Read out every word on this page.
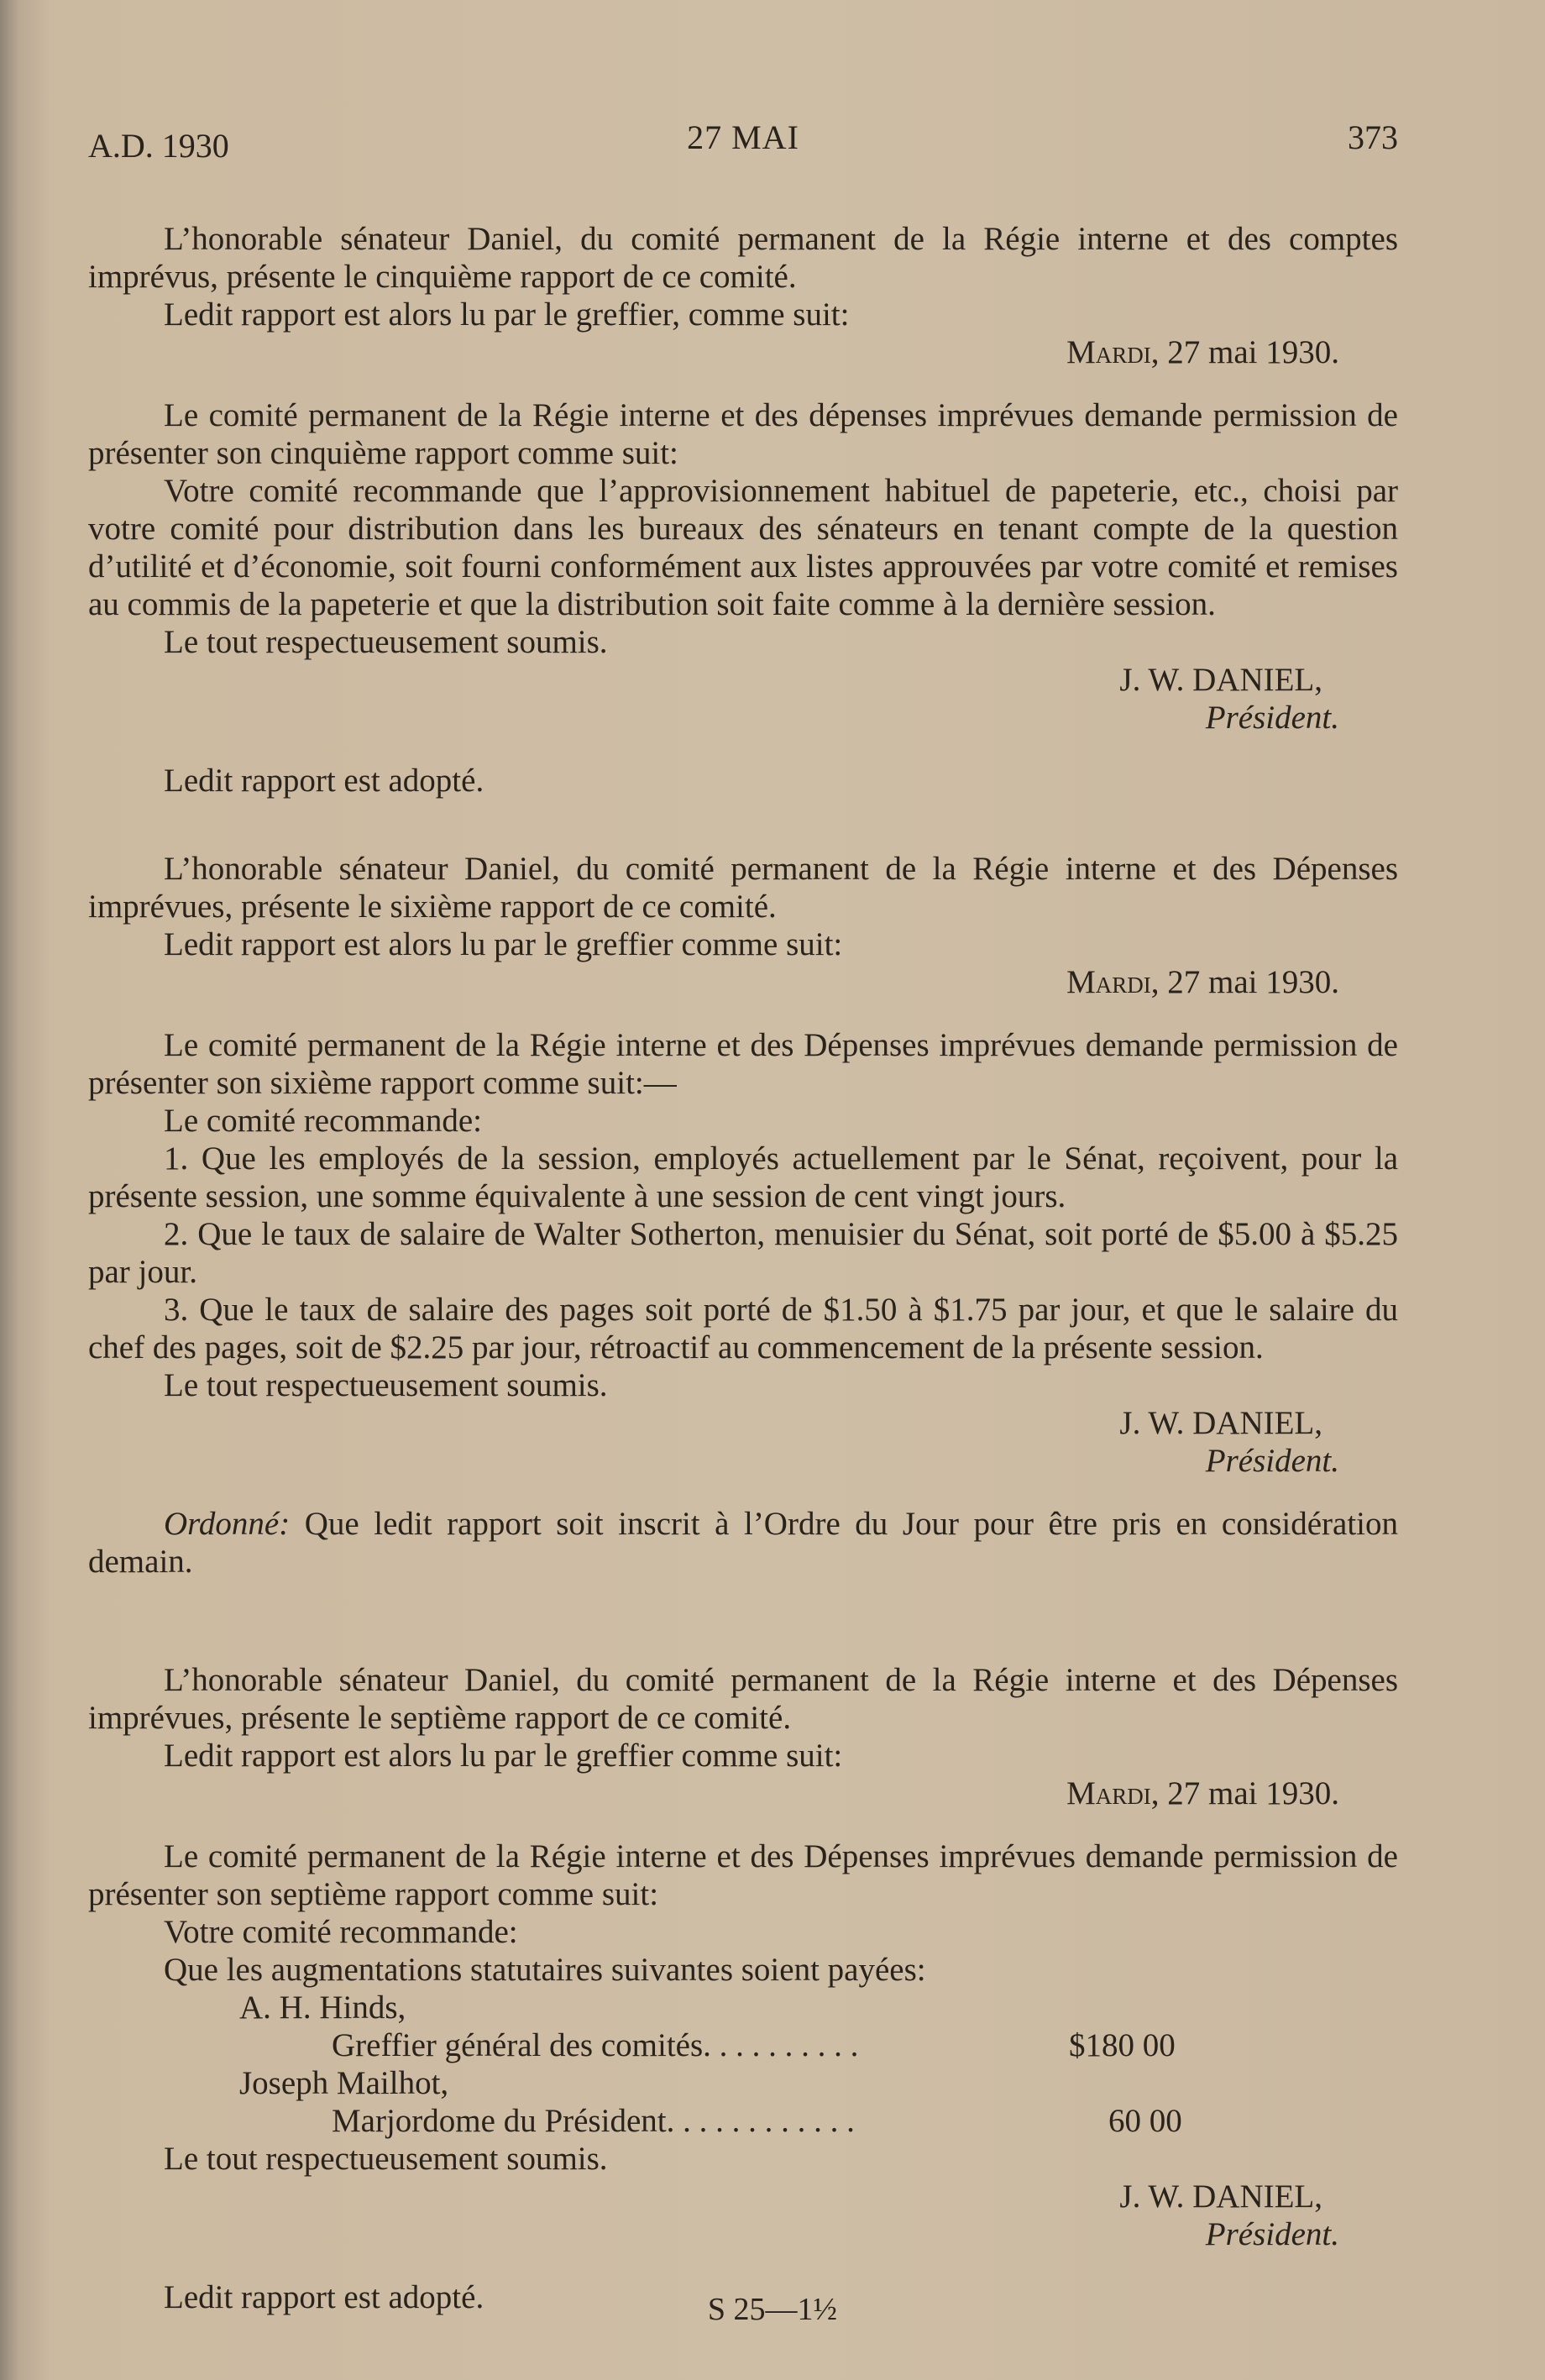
A.D. 1930	27 MAI	373

L’honorable sénateur Daniel, du comité permanent de la Régie interne et des comptes imprévus, présente le cinquième rapport de ce comité.

Ledit rapport est alors lu par le greffier, comme suit:

Mardi, 27 mai 1930.

Le comité permanent de la Régie interne et des dépenses imprévues demande permission de présenter son cinquième rapport comme suit:

Votre comité recommande que l’approvisionnement habituel de papeterie, etc., choisi par votre comité pour distribution dans les bureaux des sénateurs en tenant compte de la question d’utilité et d’économie, soit fourni conformément aux listes approuvées par votre comité et remises au commis de la papeterie et que la distribution soit faite comme à la dernière session.

Le tout respectueusement soumis.

J. W. DANIEL,

Président.

Ledit rapport est adopté.

L’honorable sénateur Daniel, du comité permanent de la Régie interne et des Dépenses imprévues, présente le sixième rapport de ce comité.

Ledit rapport est alors lu par le greffier comme suit:

Mardi, 27 mai 1930.

Le comité permanent de la Régie interne et des Dépenses imprévues demande permission de présenter son sixième rapport comme suit:—

Le comité recommande:

1. Que les employés de la session, employés actuellement par le Sénat, reçoivent, pour la présente session, une somme équivalente à une session de cent vingt jours.

2. Que le taux de salaire de Walter Sotherton, menuisier du Sénat, soit porté de $5.00 à $5.25 par jour.

3. Que le taux de salaire des pages soit porté de $1.50 à $1.75 par jour, et que le salaire du chef des pages, soit de $2.25 par jour, rétroactif au commencement de la présente session.

Le tout respectueusement soumis.

J. W. DANIEL,

Président.

Ordonné: Que ledit rapport soit inscrit à l’Ordre du Jour pour être pris en considération demain.

L’honorable sénateur Daniel, du comité permanent de la Régie interne et des Dépenses imprévues, présente le septième rapport de ce comité.

Ledit rapport est alors lu par le greffier comme suit:

Mardi, 27 mai 1930.

Le comité permanent de la Régie interne et des Dépenses imprévues demande permission de présenter son septième rapport comme suit:

Votre comité recommande:

Que les augmentations statutaires suivantes soient payées:

A. H. Hinds,
Greffier général des comités. . . . . . . . . .	$180 00
Joseph Mailhot,
Marjordome du Président. . . . . . . . . . . .	60 00

Le tout respectueusement soumis.

J. W. DANIEL,

Président.

Ledit rapport est adopté.	S 25—1½
